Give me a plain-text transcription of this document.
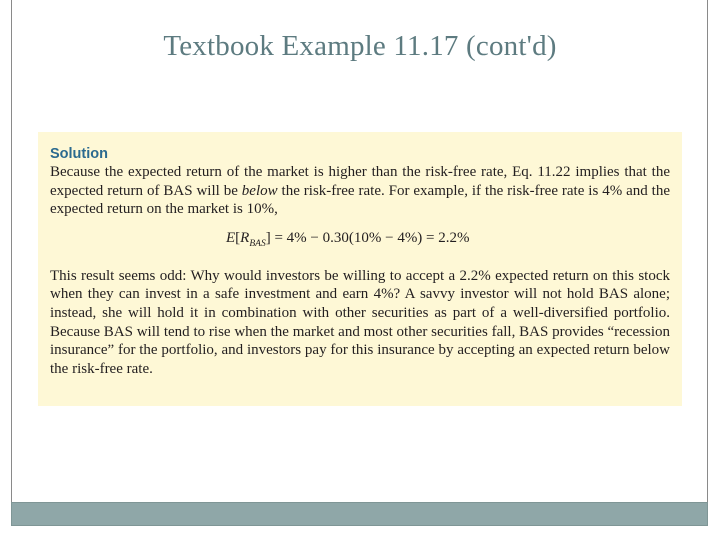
Textbook Example 11.17 (cont'd)
Solution

Because the expected return of the market is higher than the risk-free rate, Eq. 11.22 implies that the expected return of BAS will be below the risk-free rate. For example, if the risk-free rate is 4% and the expected return on the market is 10%,

$E[R_{BAS}] = 4\% - 0.30(10\% - 4\%) = 2.2\%$

This result seems odd: Why would investors be willing to accept a 2.2% expected return on this stock when they can invest in a safe investment and earn 4%? A savvy investor will not hold BAS alone; instead, she will hold it in combination with other securities as part of a well-diversified portfolio. Because BAS will tend to rise when the market and most other securities fall, BAS provides “recession insurance” for the portfolio, and investors pay for this insurance by accepting an expected return below the risk-free rate.
